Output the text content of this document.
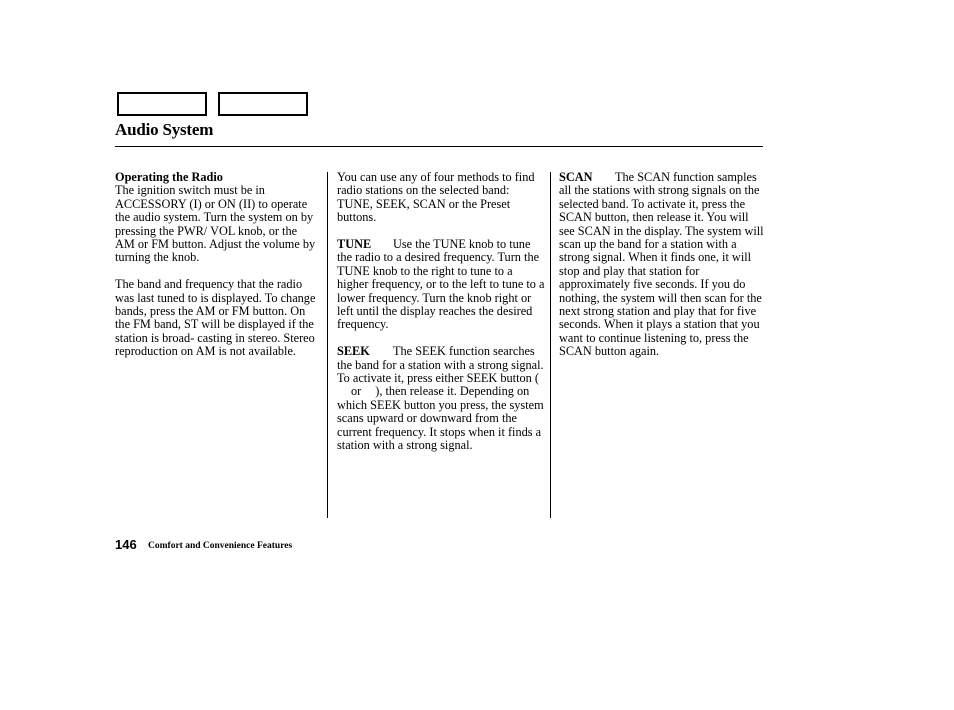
Audio System
Operating the Radio

The ignition switch must be in ACCESSORY (I) or ON (II) to operate the audio system. Turn the system on by pressing the PWR/ VOL knob, or the AM or FM button. Adjust the volume by turning the knob.

The band and frequency that the radio was last tuned to is displayed. To change bands, press the AM or FM button. On the FM band, ST will be displayed if the station is broad- casting in stereo. Stereo reproduction on AM is not available.

You can use any of four methods to find radio stations on the selected band: TUNE, SEEK, SCAN or the Preset buttons.

TUNE Use the TUNE knob to tune the radio to a desired frequency. Turn the TUNE knob to the right to tune to a higher frequency, or to the left to tune to a lower frequency. Turn the knob right or left until the display reaches the desired frequency.

SEEK The SEEK function searches the band for a station with a strong signal. To activate it, press either SEEK button (or ), then release it. Depending on which SEEK button you press, the system scans upward or downward from the current frequency. It stops when it finds a station with a strong signal.

SCAN The SCAN function samples all the stations with strong signals on the selected band. To activate it, press the SCAN button, then release it. You will see SCAN in the display. The system will scan up the band for a station with a strong signal. When it finds one, it will stop and play that station for approximately five seconds. If you do nothing, the system will then scan for the next strong station and play that for five seconds. When it plays a station that you want to continue listening to, press the SCAN button again.

146 Comfort and Convenience Features
